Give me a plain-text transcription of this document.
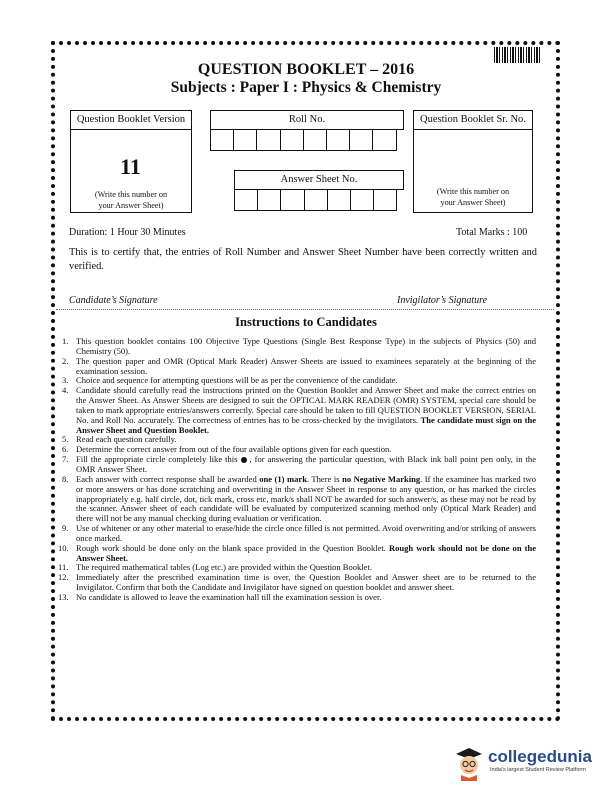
QUESTION BOOKLET – 2016
Subjects : Paper I : Physics & Chemistry
Question Booklet Version
11
(Write this number on
your Answer Sheet)
Roll No.
Answer Sheet No.
Question Booklet Sr. No.
(Write this number on
your Answer Sheet)
Duration: 1 Hour 30 Minutes	Total Marks : 100
This is to certify that, the entries of Roll Number and Answer Sheet Number have been correctly written and verified.
Candidate’s Signature	Invigilator’s Signature
Instructions to Candidates
1. This question booklet contains 100 Objective Type Questions (Single Best Response Type) in the subjects of Physics (50) and Chemistry (50).
2. The question paper and OMR (Optical Mark Reader) Answer Sheets are issued to examinees separately at the beginning of the examination session.
3. Choice and sequence for attempting questions will be as per the convenience of the candidate.
4. Candidate should carefully read the instructions printed on the Question Booklet and Answer Sheet and make the correct entries on the Answer Sheet. As Answer Sheets are designed to suit the OPTICAL MARK READER (OMR) SYSTEM, special care should be taken to mark appropriate entries/answers correctly. Special care should be taken to fill QUESTION BOOKLET VERSION, SERIAL No. and Roll No. accurately. The correctness of entries has to be cross-checked by the invigilators. The candidate must sign on the Answer Sheet and Question Booklet.
5. Read each question carefully.
6. Determine the correct answer from out of the four available options given for each question.
7. Fill the appropriate circle completely like this , for answering the particular question, with Black ink ball point pen only, in the OMR Answer Sheet.
8. Each answer with correct response shall be awarded one (1) mark. There is no Negative Marking. If the examinee has marked two or more answers or has done scratching and overwriting in the Answer Sheet in response to any question, or has marked the circles inappropriately e.g. half circle, dot, tick mark, cross etc, mark/s shall NOT be awarded for such answer/s, as these may not be read by the scanner. Answer sheet of each candidate will be evaluated by computerized scanning method only (Optical Mark Reader) and there will not be any manual checking during evaluation or verification.
9. Use of whitener or any other material to erase/hide the circle once filled is not permitted. Avoid overwriting and/or striking of answers once marked.
10. Rough work should be done only on the blank space provided in the Question Booklet. Rough work should not be done on the Answer Sheet.
11. The required mathematical tables (Log etc.) are provided within the Question Booklet.
12. Immediately after the prescribed examination time is over, the Question Booklet and Answer sheet are to be returned to the Invigilator. Confirm that both the Candidate and Invigilator have signed on question booklet and answer sheet.
13. No candidate is allowed to leave the examination hall till the examination session is over.
collegedunia
India's largest Student Review Platform
